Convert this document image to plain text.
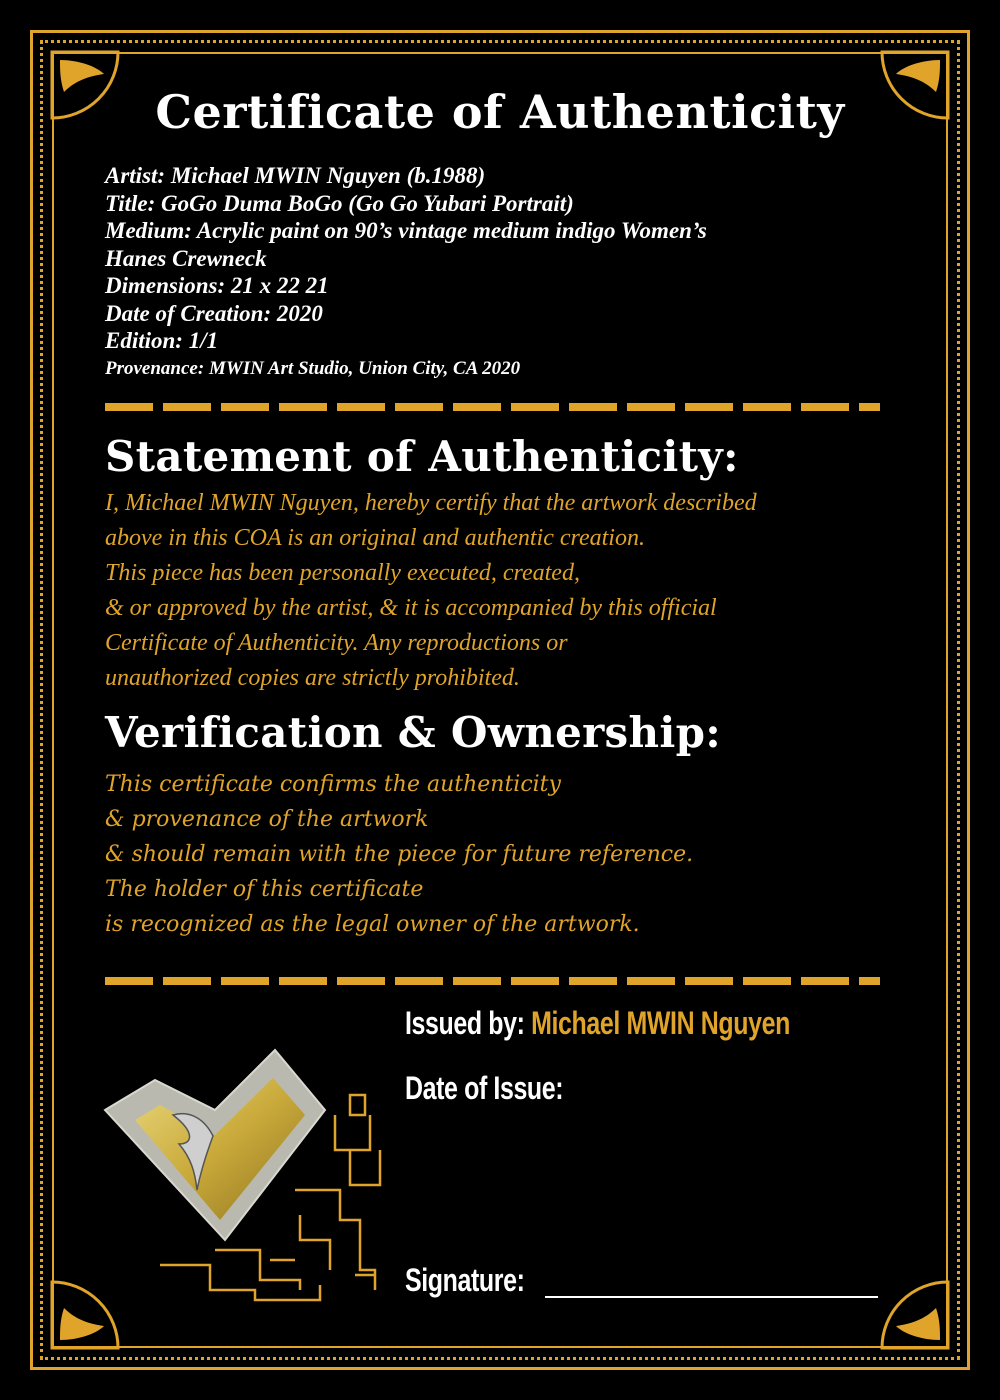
Certificate of Authenticity
Artist: Michael MWIN Nguyen (b.1988)
Title: GoGo Duma BoGo (Go Go Yubari Portrait)
Medium: Acrylic paint on 90’s vintage medium indigo Women’s
Hanes Crewneck
Dimensions: 21 x 22 21
Date of Creation: 2020
Edition: 1/1
Provenance: MWIN Art Studio, Union City, CA 2020
Statement of Authenticity:
I, Michael MWIN Nguyen, hereby certify that the artwork described
above in this COA is an original and authentic creation.
This piece has been personally executed, created,
& or approved by the artist, & it is accompanied by this official
Certificate of Authenticity. Any reproductions or
unauthorized copies are strictly prohibited.
Verification & Ownership:
This certificate confirms the authenticity
& provenance of the artwork
& should remain with the piece for future reference.
The holder of this certificate
is recognized as the legal owner of the artwork.
Issued by: Michael MWIN Nguyen
Date of Issue:
Signature:
